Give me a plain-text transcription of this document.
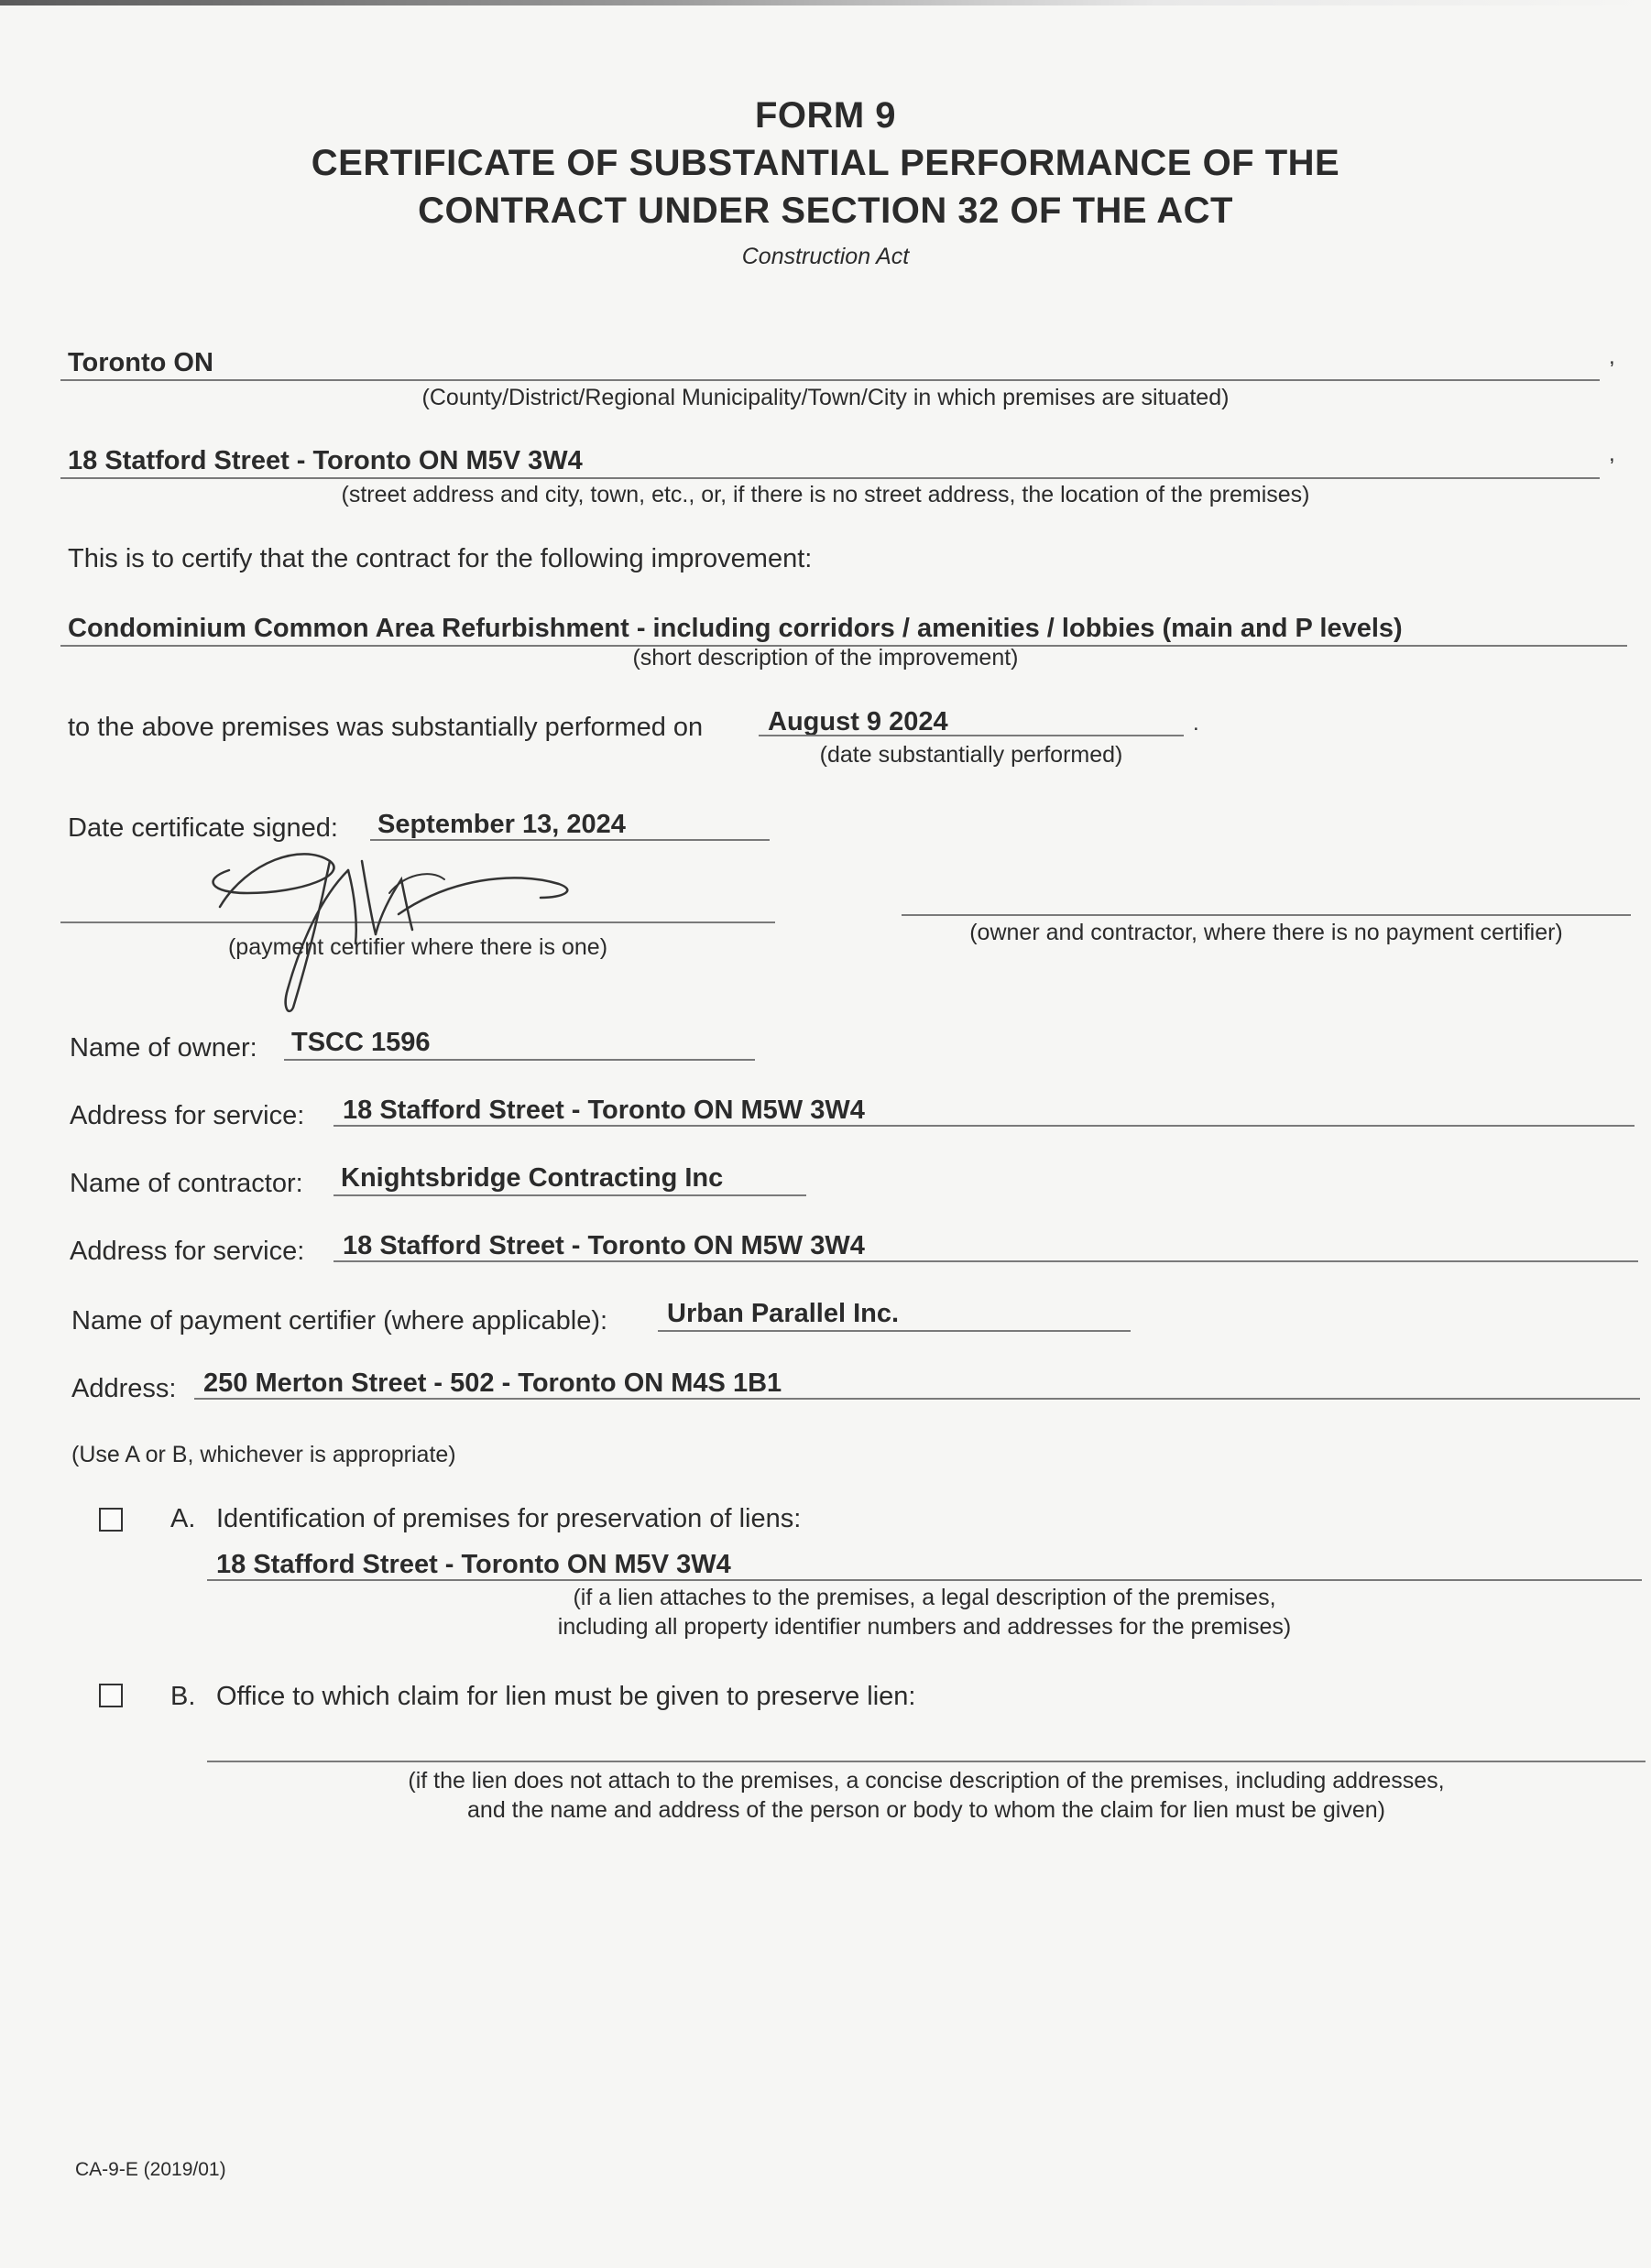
FORM 9
CERTIFICATE OF SUBSTANTIAL PERFORMANCE OF THE
CONTRACT UNDER SECTION 32 OF THE ACT
Construction Act
Toronto ON	,
(County/District/Regional Municipality/Town/City in which premises are situated)
18 Statford Street - Toronto ON M5V 3W4	,
(street address and city, town, etc., or, if there is no street address, the location of the premises)
This is to certify that the contract for the following improvement:
Condominium Common Area Refurbishment - including corridors / amenities / lobbies (main and P levels)
(short description of the improvement)
to the above premises was substantially performed on August 9 2024	.
(date substantially performed)
Date certificate signed: September 13, 2024
(payment certifier where there is one)
(owner and contractor, where there is no payment certifier)
Name of owner: TSCC 1596
Address for service: 18 Stafford Street - Toronto ON M5W 3W4
Name of contractor: Knightsbridge Contracting Inc
Address for service: 18 Stafford Street - Toronto ON M5W 3W4
Name of payment certifier (where applicable): Urban Parallel Inc.
Address: 250 Merton Street - 502 - Toronto ON M4S 1B1
(Use A or B, whichever is appropriate)
A. Identification of premises for preservation of liens:
18 Stafford Street - Toronto ON M5V 3W4
(if a lien attaches to the premises, a legal description of the premises,
including all property identifier numbers and addresses for the premises)
B. Office to which claim for lien must be given to preserve lien:
(if the lien does not attach to the premises, a concise description of the premises, including addresses,
and the name and address of the person or body to whom the claim for lien must be given)
CA-9-E (2019/01)
